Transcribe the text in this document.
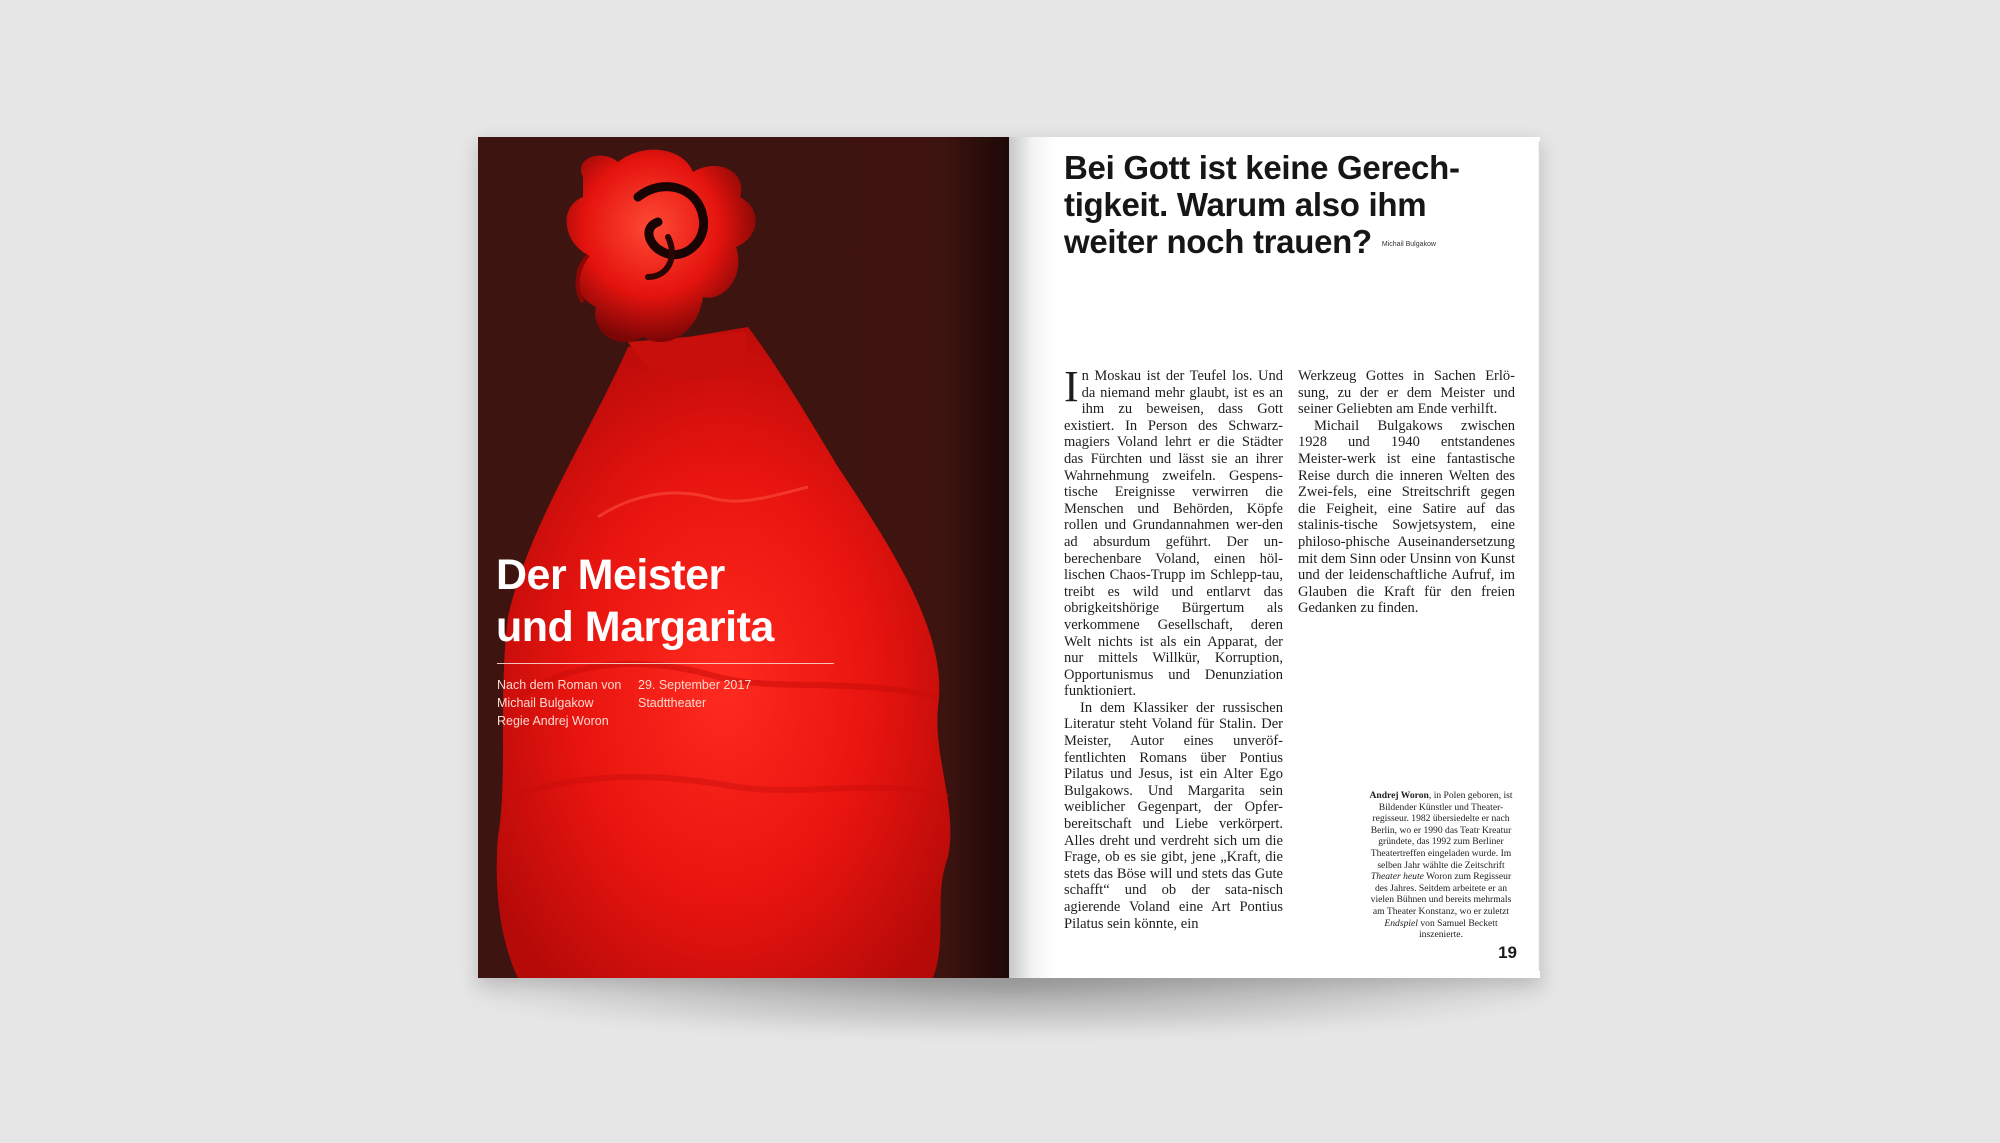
Der Meister
und Margarita
Nach dem Roman von
Michail Bulgakow
Regie Andrej Woron
29. September 2017
Stadttheater
Bei Gott ist keine Gerech-
tigkeit. Warum also ihm
weiter noch trauen? Michail Bulgakow

In Moskau ist der Teufel los. Und da niemand mehr glaubt, ist es an ihm zu beweisen, dass Gott existiert. In Person des Schwarz-magiers Voland lehrt er die Städter das Fürchten und lässt sie an ihrer Wahrnehmung zweifeln. Gespens-tische Ereignisse verwirren die Menschen und Behörden, Köpfe rollen und Grundannahmen wer-den ad absurdum geführt. Der un-berechenbare Voland, einen höl-lischen Chaos-Trupp im Schlepp-tau, treibt es wild und entlarvt das obrigkeitshörige Bürgertum als verkommene Gesellschaft, deren Welt nichts ist als ein Apparat, der nur mittels Willkür, Korruption, Opportunismus und Denunziation funktioniert.

In dem Klassiker der russischen Literatur steht Voland für Stalin. Der Meister, Autor eines unveröf-fentlichten Romans über Pontius Pilatus und Jesus, ist ein Alter Ego Bulgakows. Und Margarita sein weiblicher Gegenpart, der Opfer-bereitschaft und Liebe verkörpert. Alles dreht und verdreht sich um die Frage, ob es sie gibt, jene „Kraft, die stets das Böse will und stets das Gute schafft“ und ob der sata-nisch agierende Voland eine Art Pontius Pilatus sein könnte, ein

Werkzeug Gottes in Sachen Erlö-sung, zu der er dem Meister und seiner Geliebten am Ende verhilft.

Michail Bulgakows zwischen 1928 und 1940 entstandenes Meister-werk ist eine fantastische Reise durch die inneren Welten des Zwei-fels, eine Streitschrift gegen die Feigheit, eine Satire auf das stalinis-tische Sowjetsystem, eine philoso-phische Auseinandersetzung mit dem Sinn oder Unsinn von Kunst und der leidenschaftliche Aufruf, im Glauben die Kraft für den freien Gedanken zu finden.

Andrej Woron, in Polen geboren, ist Bildender Künstler und Theater-regisseur. 1982 übersiedelte er nach Berlin, wo er 1990 das Teatr Kreatur gründete, das 1992 zum Berliner Theatertreffen eingeladen wurde. Im selben Jahr wählte die Zeitschrift Theater heute Woron zum Regisseur des Jahres. Seitdem arbeitete er an vielen Bühnen und bereits mehrmals am Theater Konstanz, wo er zuletzt Endspiel von Samuel Beckett inszenierte.
19
